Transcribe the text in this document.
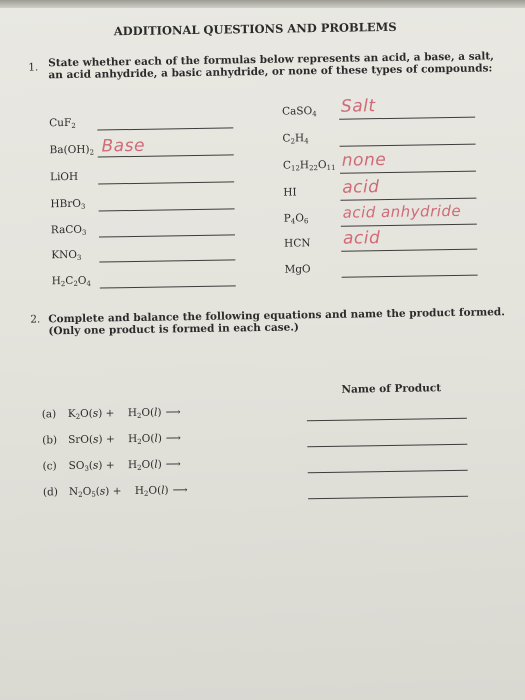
ADDITIONAL QUESTIONS AND PROBLEMS
1. State whether each of the formulas below represents an acid, a base, a salt, an acid anhydride, a basic anhydride, or none of these types of compounds:
CuF$_2$
$Ba(OH)_2$ Base
LiOH
HBrO$_3$
RaCO$_3$
$KNO_3$
$H_2C_2O_4$
CaSO$_4$ Salt
$C_2H_4$
$C_{12}H_{22}O_{11}$ none
HI	acid
$P_4O_6$ acid anhydride
HCN acid
MgO
2. Complete and balance the following equations and name the product formed. (Only one product is formed in each case.)
Name of Product
(a) $K_2O(s)$ +    $H_2O(l)$ ⟶
(b) SrO(s) +    $H_2O(l)$ ⟶
(c) $SO_3(s)$ +    $H_2O(l)$ ⟶
(d) $N_2O_5(s)$ +    $H_2O(l)$ ⟶
